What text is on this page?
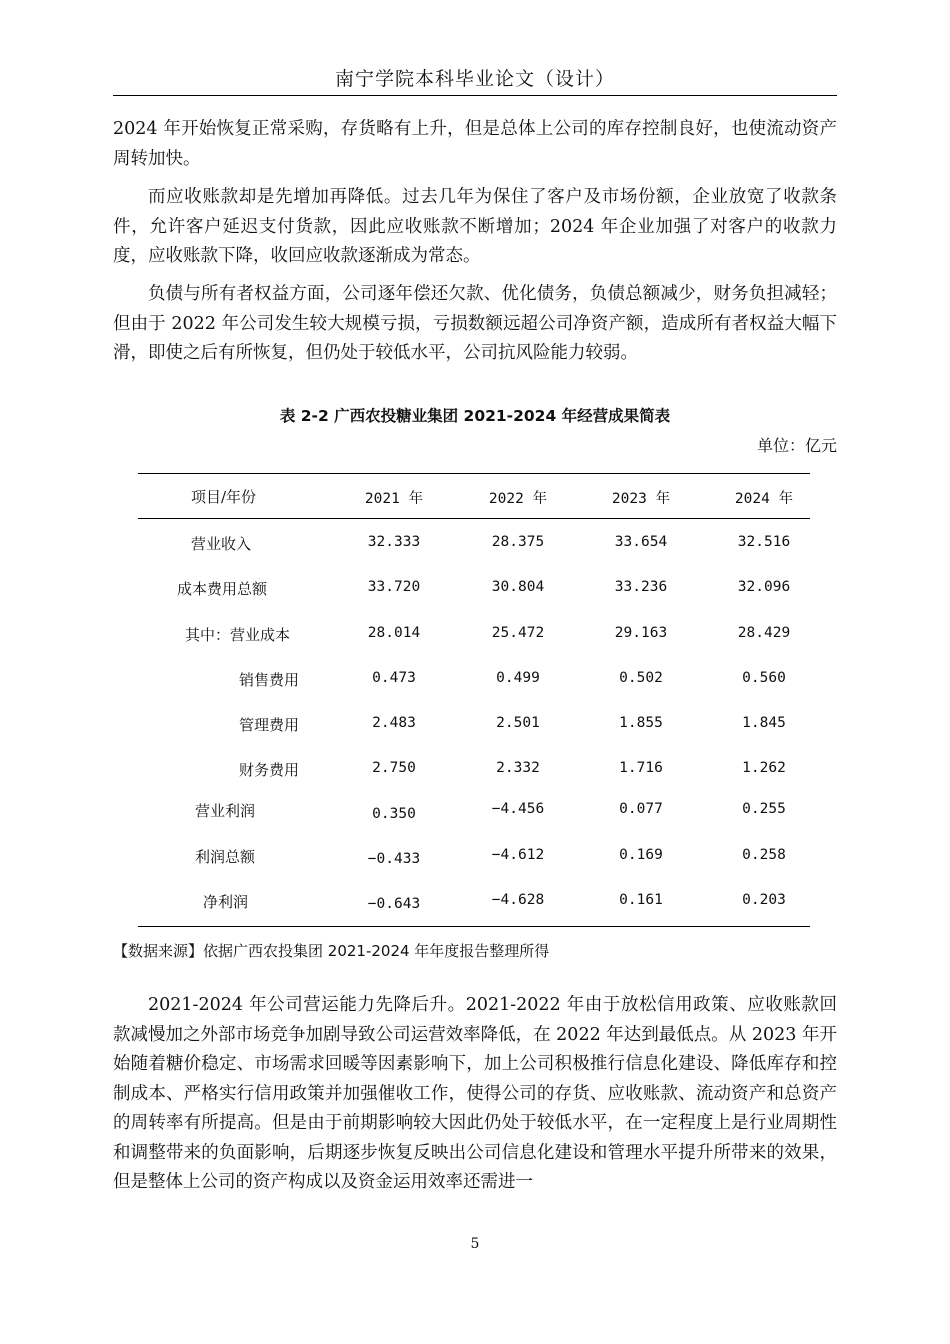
南宁学院本科毕业论文（设计）

2024 年开始恢复正常采购，存货略有上升，但是总体上公司的库存控制良好，也使流动资产周转加快。

而应收账款却是先增加再降低。过去几年为保住了客户及市场份额，企业放宽了收款条件，允许客户延迟支付货款，因此应收账款不断增加；2024 年企业加强了对客户的收款力度，应收账款下降，收回应收款逐渐成为常态。

负债与所有者权益方面，公司逐年偿还欠款、优化债务，负债总额减少，财务负担减轻；但由于 2022 年公司发生较大规模亏损，亏损数额远超公司净资产额，造成所有者权益大幅下滑，即使之后有所恢复，但仍处于较低水平，公司抗风险能力较弱。

表 2-2 广西农投糖业集团 2021-2024 年经营成果简表
单位：亿元
项目/年份	2021 年	2022 年	2023 年	2024 年
营业收入	32.333	28.375	33.654	32.516
成本费用总额	33.720	30.804	33.236	32.096
其中：营业成本	28.014	25.472	29.163	28.429
销售费用	0.473	0.499	0.502	0.560
管理费用	2.483	2.501	1.855	1.845
财务费用	2.750	2.332	1.716	1.262
营业利润	0.350	−4.456	0.077	0.255
利润总额	−0.433	−4.612	0.169	0.258
净利润	−0.643	−4.628	0.161	0.203
【数据来源】依据广西农投集团 2021-2024 年年度报告整理所得

2021-2024 年公司营运能力先降后升。2021-2022 年由于放松信用政策、应收账款回款减慢加之外部市场竞争加剧导致公司运营效率降低，在 2022 年达到最低点。从 2023 年开始随着糖价稳定、市场需求回暖等因素影响下，加上公司积极推行信息化建设、降低库存和控制成本、严格实行信用政策并加强催收工作，使得公司的存货、应收账款、流动资产和总资产的周转率有所提高。但是由于前期影响较大因此仍处于较低水平，在一定程度上是行业周期性和调整带来的负面影响，后期逐步恢复反映出公司信息化建设和管理水平提升所带来的效果，但是整体上公司的资产构成以及资金运用效率还需进一

5
